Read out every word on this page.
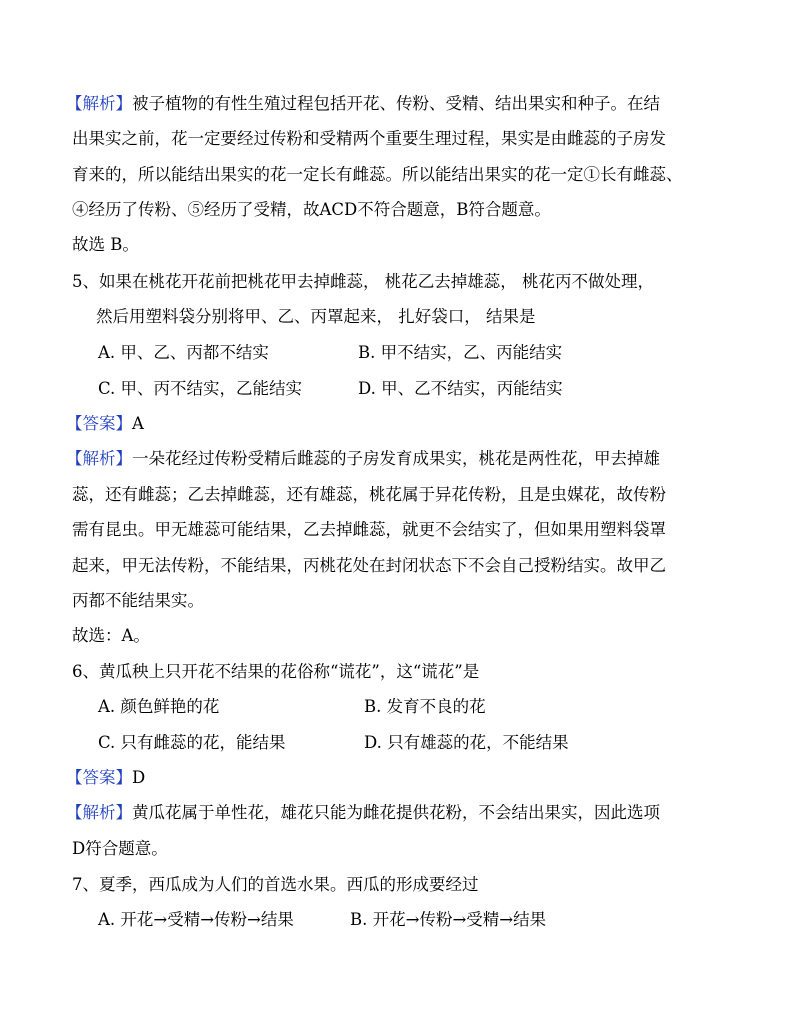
【解析】被子植物的有性生殖过程包括开花、传粉、受精、结出果实和种子。在结
出果实之前，花一定要经过传粉和受精两个重要生理过程，果实是由雌蕊的子房发
育来的，所以能结出果实的花一定长有雌蕊。所以能结出果实的花一定①长有雌蕊、
④经历了传粉、⑤经历了受精，故ACD不符合题意，B符合题意。
故选 B。
5、如果在桃花开花前把桃花甲去掉雌蕊， 桃花乙去掉雄蕊， 桃花丙不做处理，
然后用塑料袋分别将甲、乙、丙罩起来， 扎好袋口， 结果是
A. 甲、乙、丙都不结实	B. 甲不结实，乙、丙能结实
C. 甲、丙不结实，乙能结实	D. 甲、乙不结实，丙能结实
【答案】A
【解析】一朵花经过传粉受精后雌蕊的子房发育成果实，桃花是两性花，甲去掉雄
蕊，还有雌蕊；乙去掉雌蕊，还有雄蕊，桃花属于异花传粉，且是虫媒花，故传粉
需有昆虫。甲无雄蕊可能结果，乙去掉雌蕊，就更不会结实了，但如果用塑料袋罩
起来，甲无法传粉，不能结果，丙桃花处在封闭状态下不会自己授粉结实。故甲乙
丙都不能结果实。
故选：A。
6、黄瓜秧上只开花不结果的花俗称“谎花”，这“谎花”是
A. 颜色鲜艳的花	B. 发育不良的花
C. 只有雌蕊的花，能结果	D. 只有雄蕊的花，不能结果
【答案】D
【解析】黄瓜花属于单性花，雄花只能为雌花提供花粉，不会结出果实，因此选项
D符合题意。
7、夏季，西瓜成为人们的首选水果。西瓜的形成要经过
A. 开花→受精→传粉→结果	B. 开花→传粉→受精→结果
